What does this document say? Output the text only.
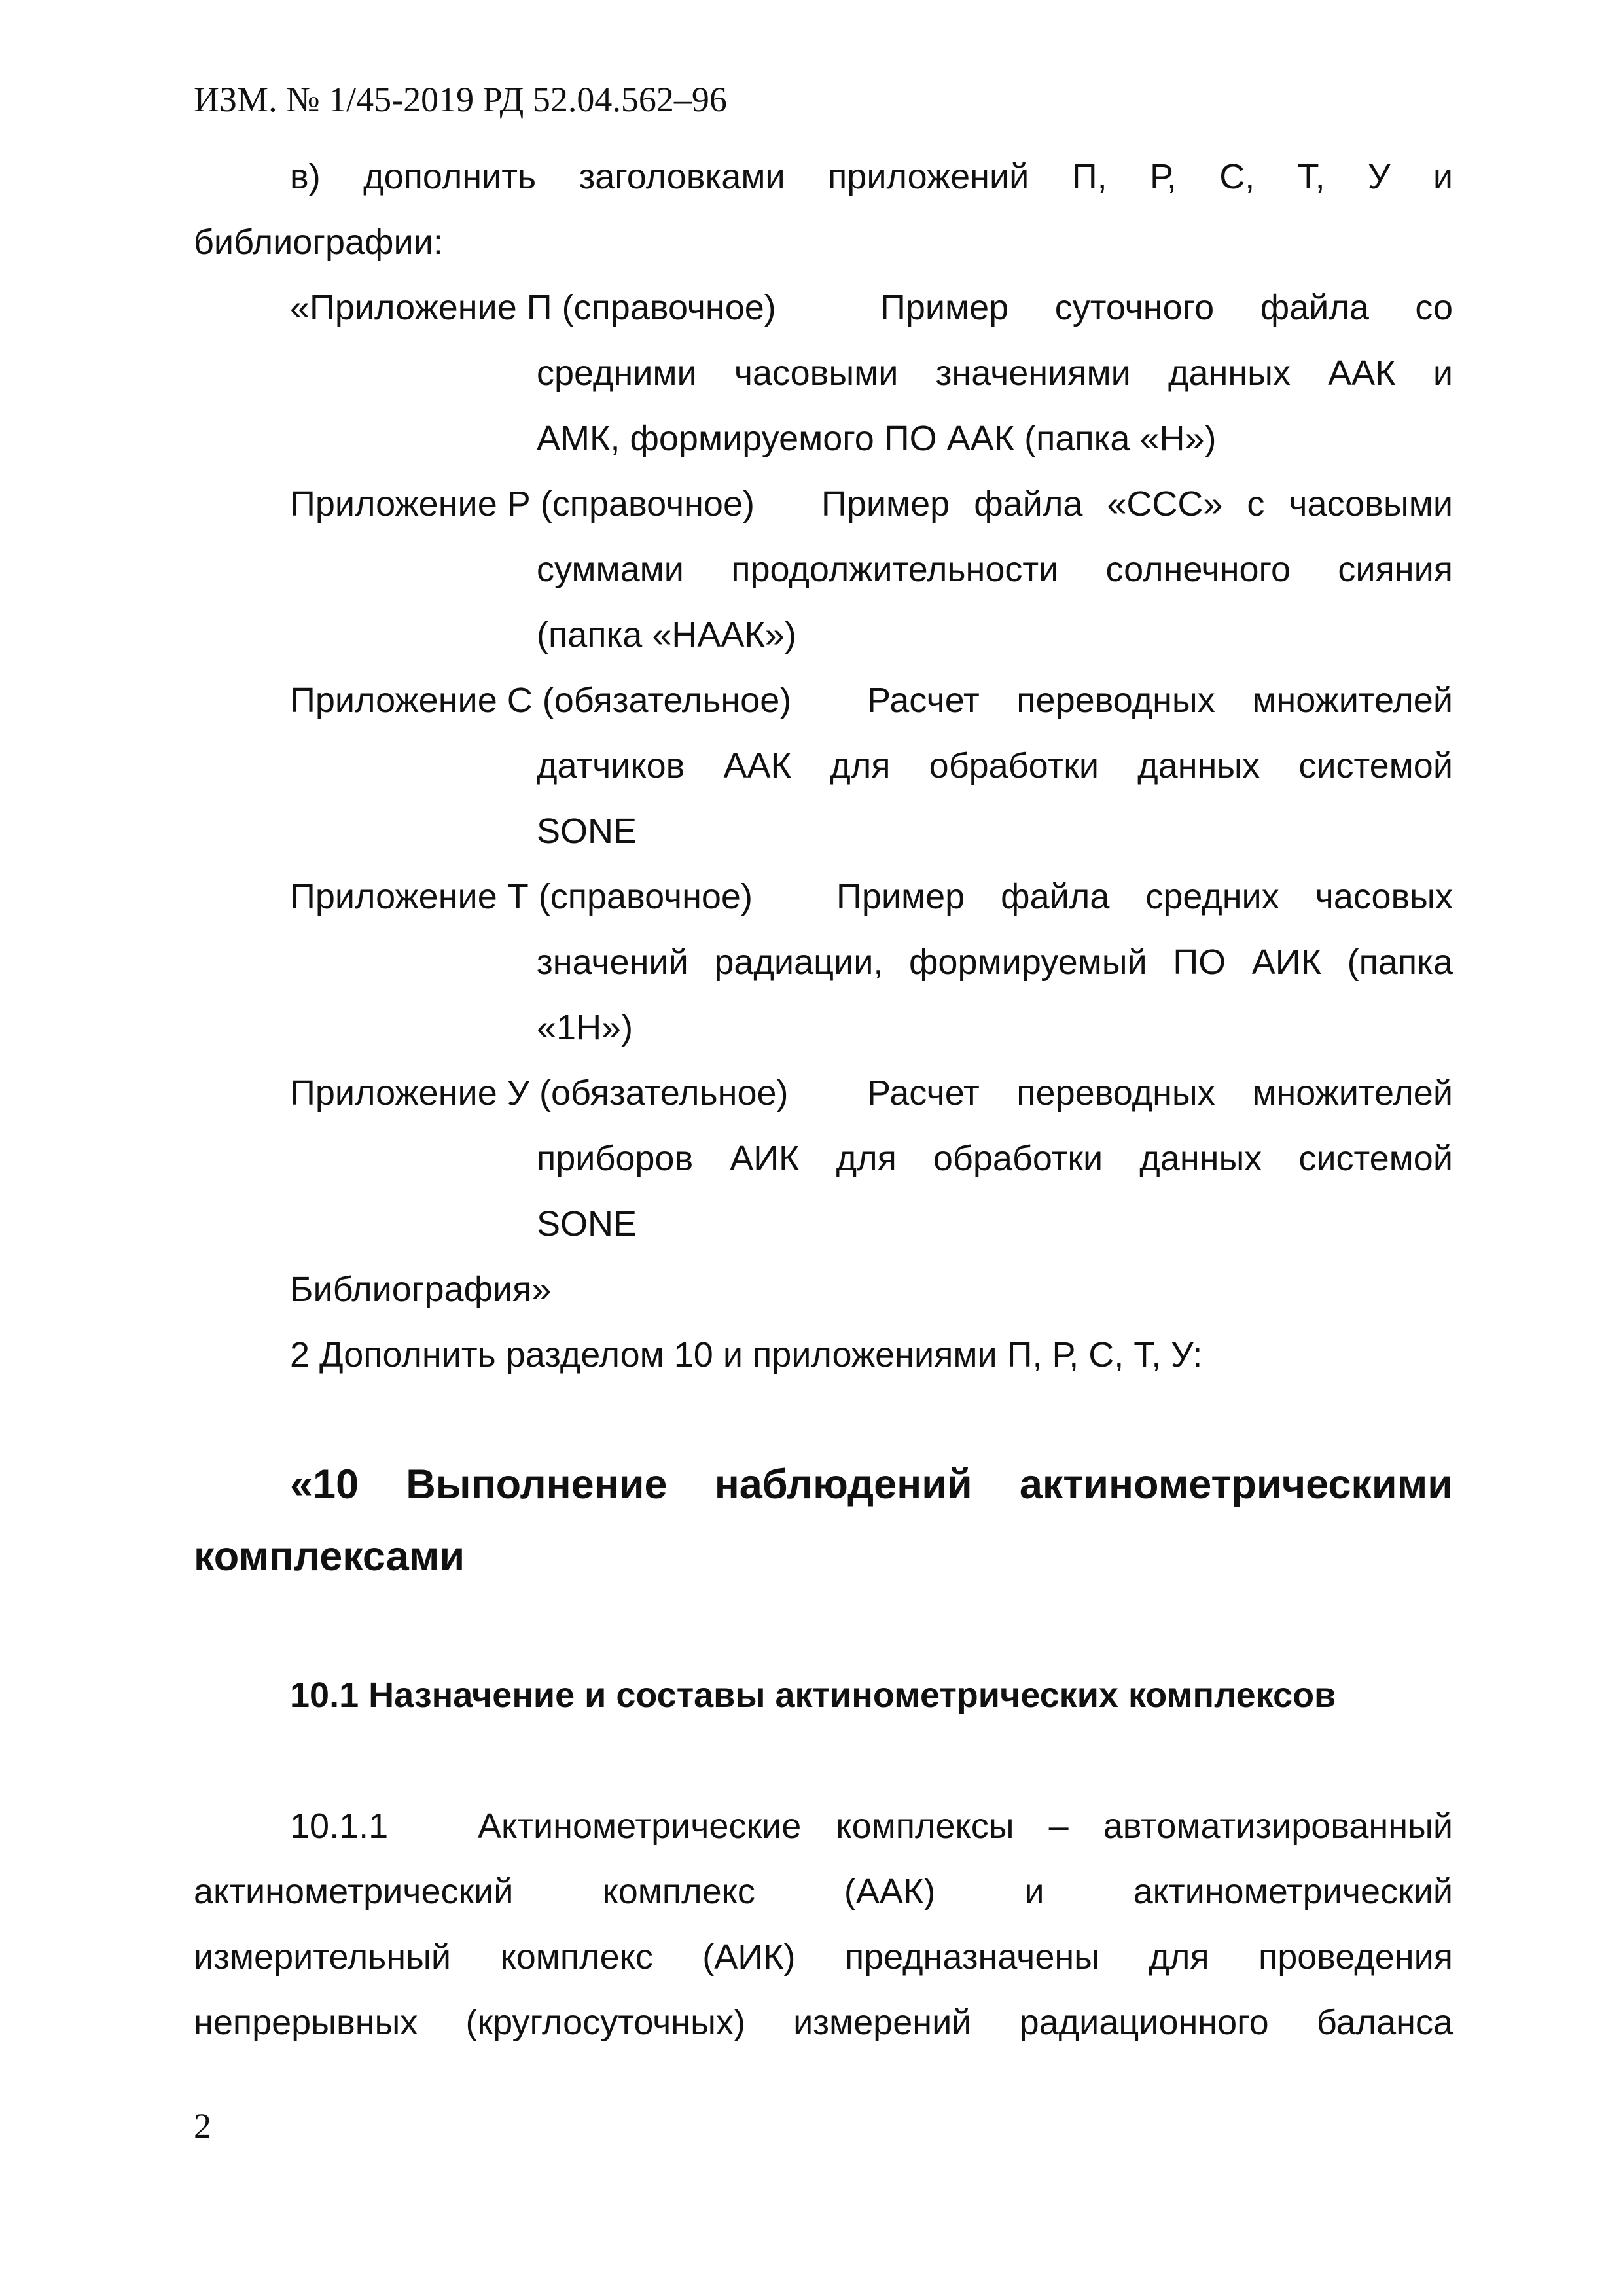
ИЗМ. № 1/45-2019 РД 52.04.562–96
в) дополнить заголовками приложений П, Р, С, Т, У и
библиографии:
«Приложение П (справочное)	Пример суточного файла со
средними часовыми значениями данных ААК и
АМК, формируемого ПО ААК (папка «Н»)
Приложение Р (справочное) Пример файла «ССС» с часовыми
суммами продолжительности солнечного сияния
(папка «НААК»)
Приложение С (обязательное) Расчет переводных множителей
датчиков ААК для обработки данных системой
SONE
Приложение Т (справочное) Пример файла средних часовых
значений радиации, формируемый ПО АИК (папка
«1Н»)
Приложение У (обязательное) Расчет переводных множителей
приборов АИК для обработки данных системой
SONE
Библиография»
2 Дополнить разделом 10 и приложениями П, Р, С, Т, У:
«10 Выполнение наблюдений актинометрическими
комплексами
10.1 Назначение и составы актинометрических комплексов
10.1.1	Актинометрические комплексы – автоматизированный
актинометрический комплекс (ААК) и актинометрический
измерительный комплекс (АИК) предназначены для проведения
непрерывных (круглосуточных) измерений радиационного баланса
2
